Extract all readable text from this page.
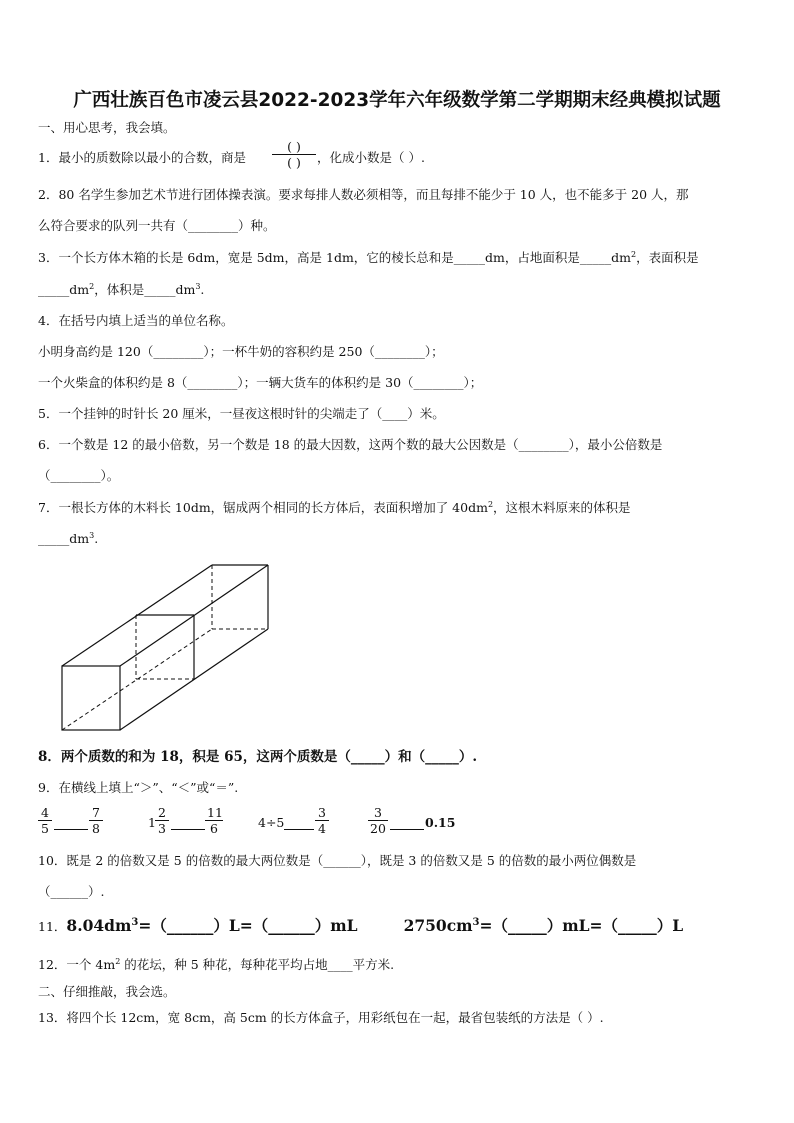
广西壮族百色市凌云县2022-2023学年六年级数学第二学期期末经典模拟试题
一、用心思考，我会填。
1．最小的质数除以最小的合数，商是
( )
( )	，化成小数是（ ）.
2．80 名学生参加艺术节进行团体操表演。要求每排人数必须相等，而且每排不能少于 10 人，也不能多于 20 人，那
么符合要求的队列一共有（________）种。
3．一个长方体木箱的长是 6dm，宽是 5dm，高是 1dm，它的棱长总和是_____dm，占地面积是$\_\_\_\_\_dm^2$，表面积是
$\_\_\_\_\_dm^2$，体积是$\_\_\_\_\_dm^3$.
4．在括号内填上适当的单位名称。
小明身高约是 120（________）；一杯牛奶的容积约是 250（________）；
一个火柴盒的体积约是 8（________）；一辆大货车的体积约是 30（________）；
5．一个挂钟的时针长 20 厘米，一昼夜这根时针的尖端走了（____）米。
6．一个数是 12 的最小倍数，另一个数是 18 的最大因数，这两个数的最大公因数是（________），最小公倍数是
（________）。
7．一根长方体的木料长 10dm，锯成两个相同的长方体后，表面积增加了 $40dm^2$，这根木料原来的体积是
$\_\_\_\_\_dm^3$.
8．两个质数的和为 18，积是 65，这两个质数是（_____）和（_____）.
9．在横线上填上“＞”、“＜”或“＝”.
$\frac{4}{5}$	$\frac{7}{8}$	$1 \frac{2}{3}$	$\frac{11}{6}$	$4\div 5 \frac{3}{4}$	$\frac{3}{20}$	0.15
10．既是 2 的倍数又是 5 的倍数的最大两位数是（______），既是 3 的倍数又是 5 的倍数的最小两位偶数是
（______）.
11．$8.04dm^3=(\_\_\_\_\_\_)L=(\_\_\_\_\_\_)mL$	$2750cm^3=(\_\_\_\_\_)mL=(\_\_\_\_\_)L$
12．一个 $4m^2$ 的花坛，种 5 种花，每种花平均占地____平方米.
二、仔细推敲，我会选。
13．将四个长 12cm，宽 8cm，高 5cm 的长方体盒子，用彩纸包在一起，最省包装纸的方法是（ ）.
